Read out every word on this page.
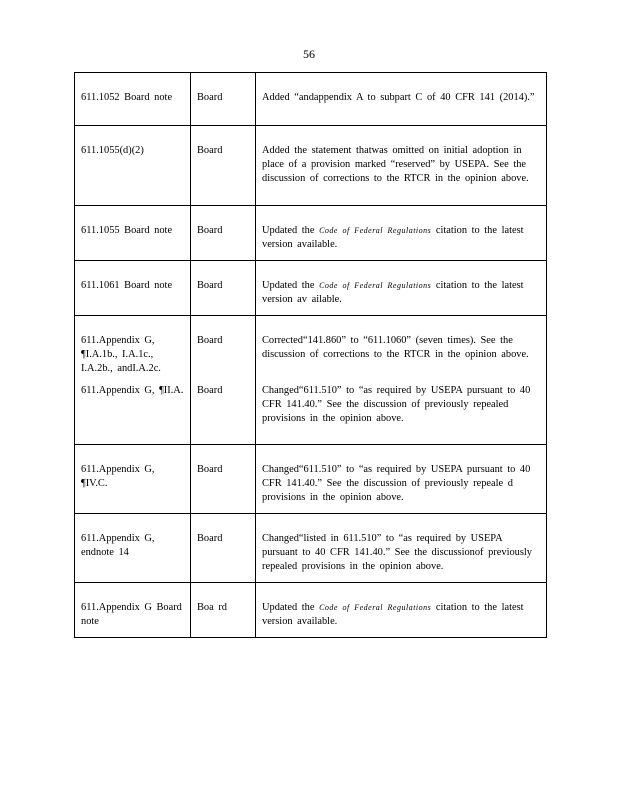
56
611.1052 Board note	Board	Added “andappendix A to subpart C of 40 CFR 141 (2014).”
611.1055(d)(2)	Board	Added the statement thatwas omitted on initial adoption in place of a provision marked “reserved” by USEPA. See the discussion of corrections to the RTCR in the opinion above.
611.1055 Board note	Board	Updated the Code of Federal Regulations citation to the latest version available.
611.1061 Board note	Board	Updated the Code of Federal Regulations citation to the latest version av ailable.
611.Appendix G, ¶I.A.1b., I.A.1c., I.A.2b., andI.A.2c.	Board	Corrected“141.860” to “611.1060” (seven times). See the discussion of corrections to the RTCR in the opinion above.
611.Appendix G, ¶II.A.	Board	Changed“611.510” to “as required by USEPA pursuant to 40 CFR 141.40.” See the discussion of previously repealed provisions in the opinion above.
611.Appendix G, ¶IV.C.	Board	Changed“611.510” to “as required by USEPA pursuant to 40 CFR 141.40.” See the discussion of previously repeale d provisions in the opinion above.
611.Appendix G, endnote 14	Board	Changed“listed in 611.510” to “as required by USEPA pursuant to 40 CFR 141.40.” See the discussionof previously repealed provisions in the opinion above.
611.Appendix G Board note	Boa rd	Updated the Code of Federal Regulations citation to the latest version available.
